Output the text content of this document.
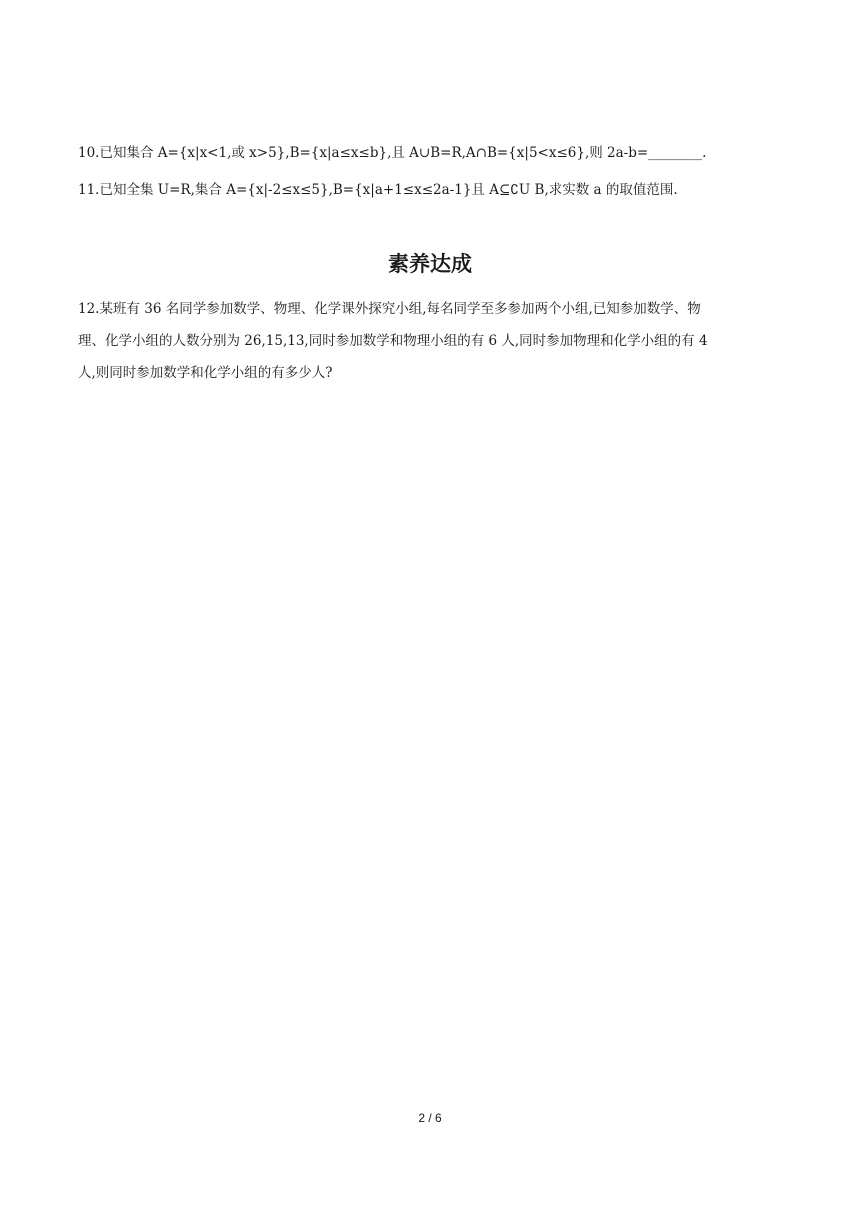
10.已知集合 A={x|x<1,或 x>5},B={x|a≤x≤b},且 A∪B=R,A∩B={x|5<x≤6},则 2a-b=________.
11.已知全集 U=R,集合 A={x|-2≤x≤5},B={x|a+1≤x≤2a-1}且 A⊆∁U B,求实数 a 的取值范围.
素养达成
12.某班有 36 名同学参加数学、物理、化学课外探究小组,每名同学至多参加两个小组,已知参加数学、物
理、化学小组的人数分别为 26,15,13,同时参加数学和物理小组的有 6 人,同时参加物理和化学小组的有 4
人,则同时参加数学和化学小组的有多少人?
2 / 6
